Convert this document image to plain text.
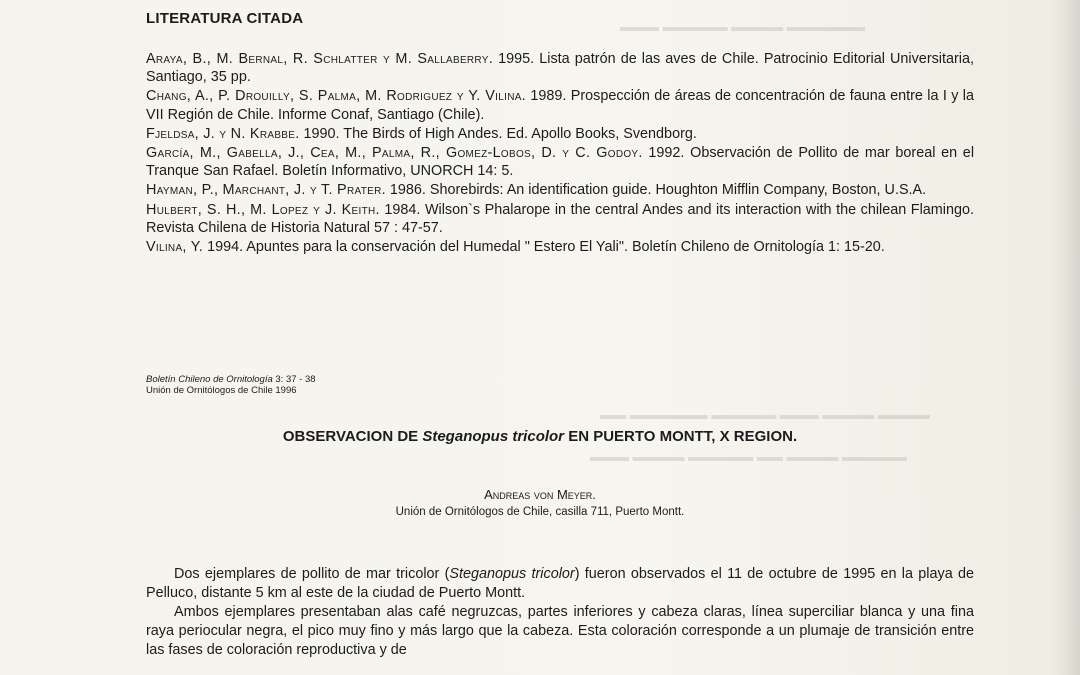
▬▬▬ ▬▬▬▬▬ ▬▬▬▬ ▬▬▬▬▬▬
▬▬ ▬▬▬▬▬▬ ▬▬▬▬▬ ▬▬▬ ▬▬▬▬ ▬▬▬▬
▬▬▬ ▬▬▬▬ ▬▬▬▬▬ ▬▬ ▬▬▬▬ ▬▬▬▬▬
LITERATURA CITADA

Araya, B., M. Bernal, R. Schlatter y M. Sallaberry. 1995. Lista patrón de las aves de Chile. Patrocinio Editorial Universitaria, Santiago, 35 pp.

Chang, A., P. Drouilly, S. Palma, M. Rodriguez y Y. Vilina. 1989. Prospección de áreas de concentración de fauna entre la I y la VII Región de Chile. Informe Conaf, Santiago (Chile).

Fjeldsa, J. y N. Krabbe. 1990. The Birds of High Andes. Ed. Apollo Books, Svendborg.

García, M., Gabella, J., Cea, M., Palma, R., Gomez-Lobos, D. y C. Godoy. 1992. Observación de Pollito de mar boreal en el Tranque San Rafael. Boletín Informativo, UNORCH 14: 5.

Hayman, P., Marchant, J. y T. Prater. 1986. Shorebirds: An identification guide. Houghton Mifflin Company, Boston, U.S.A.

Hulbert, S. H., M. Lopez y J. Keith. 1984. Wilson`s Phalarope in the central Andes and its interaction with the chilean Flamingo. Revista Chilena de Historia Natural 57 : 47-57.

Vilina, Y. 1994. Apuntes para la conservación del Humedal " Estero El Yali". Boletín Chileno de Ornitología 1: 15-20.

Boletín Chileno de Ornitología 3: 37 - 38
Unión de Ornitólogos de Chile 1996
OBSERVACION DE Steganopus tricolor EN PUERTO MONTT, X REGION.
Andreas von Meyer.
Unión de Ornitólogos de Chile, casilla 711, Puerto Montt.

Dos ejemplares de pollito de mar tricolor (Steganopus tricolor) fueron observados el 11 de octubre de 1995 en la playa de Pelluco, distante 5 km al este de la ciudad de Puerto Montt.

Ambos ejemplares presentaban alas café negruzcas, partes inferiores y cabeza claras, línea superciliar blanca y una fina raya periocular negra, el pico muy fino y más largo que la cabeza. Esta coloración corresponde a un plumaje de transición entre las fases de coloración reproductiva y de
